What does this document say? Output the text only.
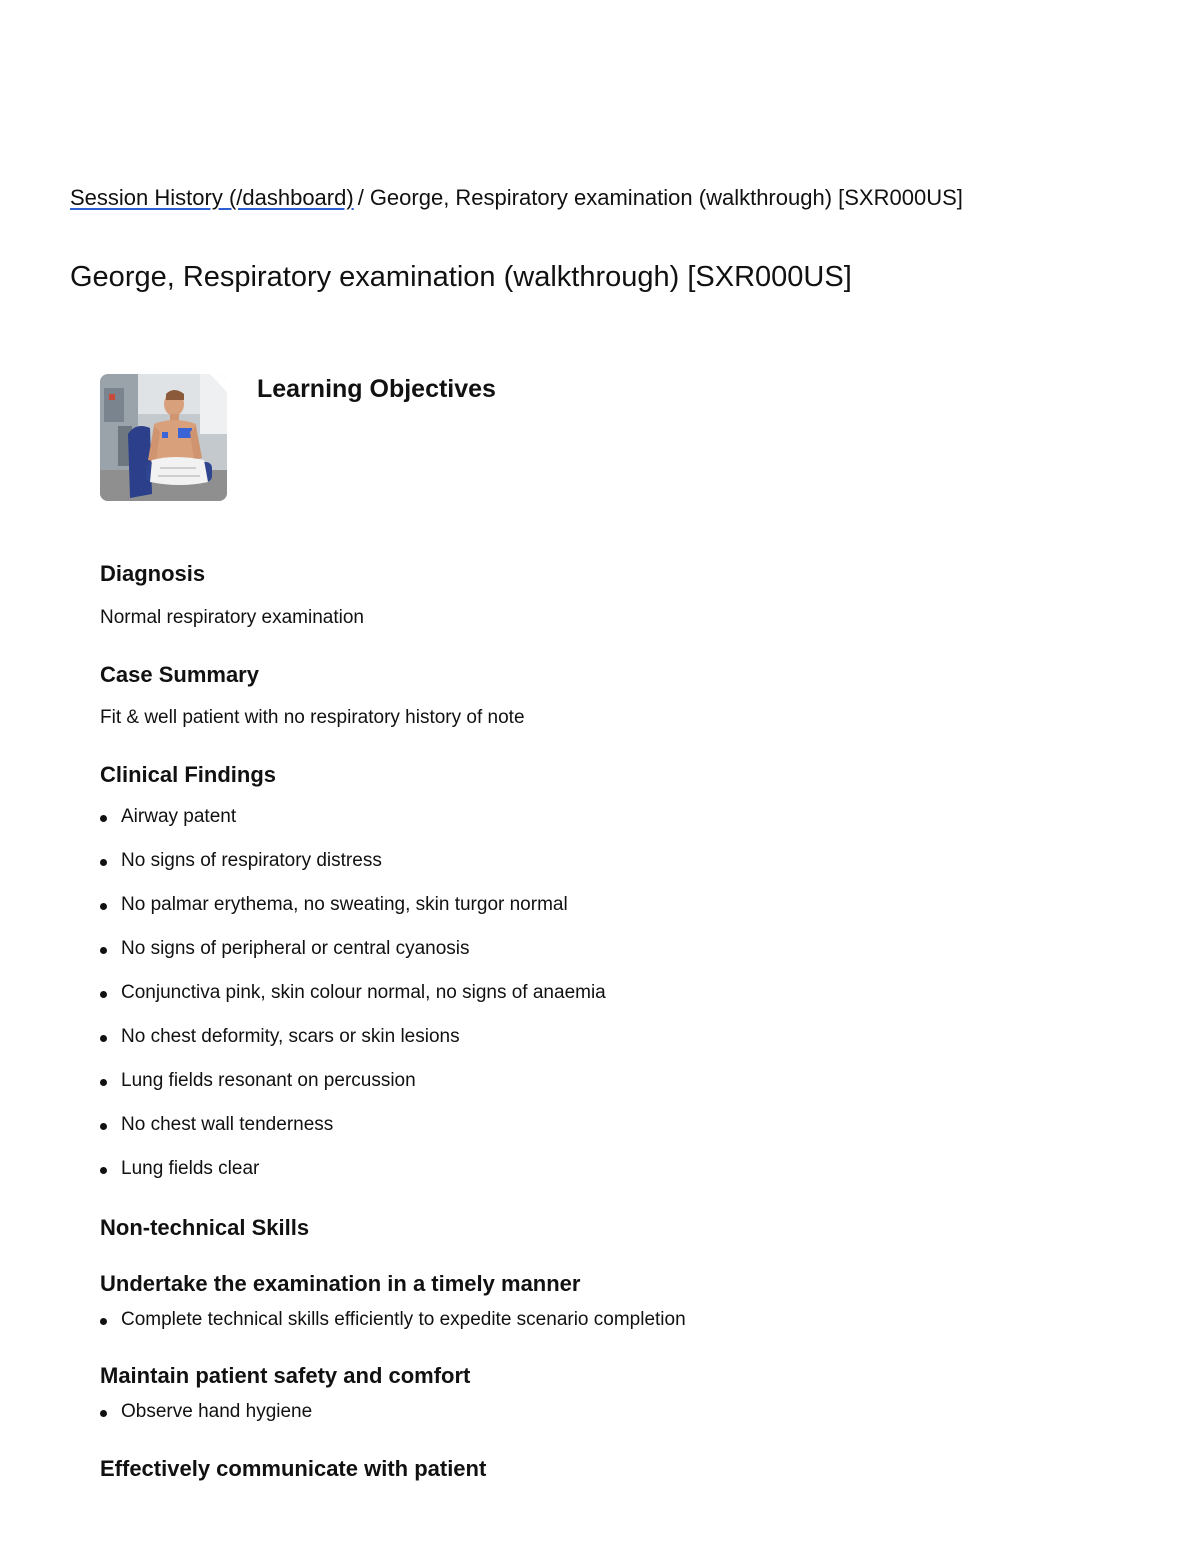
Session History (/dashboard) / George, Respiratory examination (walkthrough) [SXR000US]
George, Respiratory examination (walkthrough) [SXR000US]
Learning Objectives
Diagnosis

Normal respiratory examination

Case Summary

Fit & well patient with no respiratory history of note

Clinical Findings
Airway patent
No signs of respiratory distress
No palmar erythema, no sweating, skin turgor normal
No signs of peripheral or central cyanosis
Conjunctiva pink, skin colour normal, no signs of anaemia
No chest deformity, scars or skin lesions
Lung fields resonant on percussion
No chest wall tenderness
Lung fields clear
Non-technical Skills
Undertake the examination in a timely manner
Complete technical skills efficiently to expedite scenario completion
Maintain patient safety and comfort
Observe hand hygiene
Effectively communicate with patient
